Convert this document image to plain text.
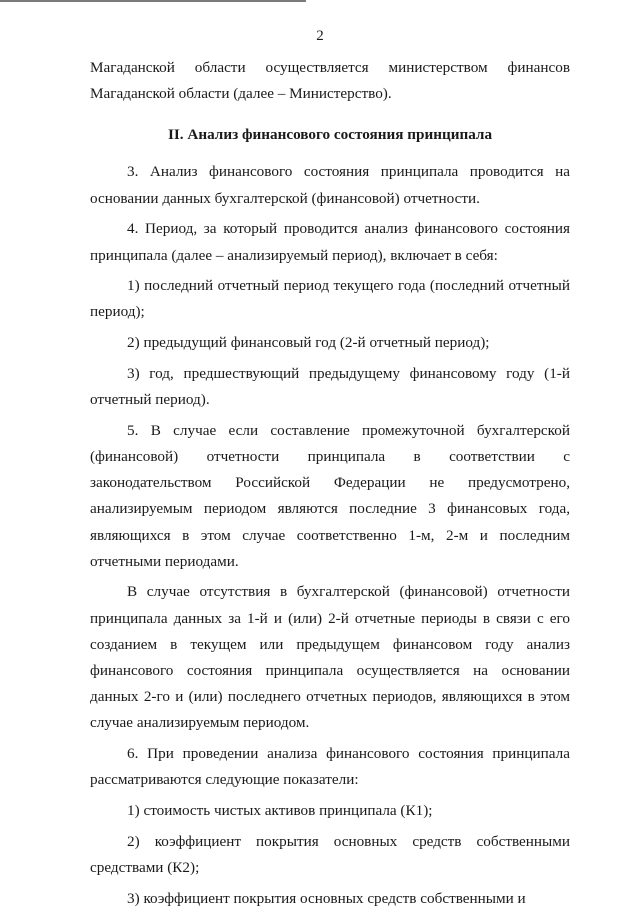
2

Магаданской области осуществляется министерством финансов Магаданской области (далее – Министерство).

II. Анализ финансового состояния принципала

3. Анализ финансового состояния принципала проводится на основании данных бухгалтерской (финансовой) отчетности.

4. Период, за который проводится анализ финансового состояния принципала (далее – анализируемый период), включает в себя:

1) последний отчетный период текущего года (последний отчетный период);

2) предыдущий финансовый год (2-й отчетный период);

3) год, предшествующий предыдущему финансовому году (1-й отчетный период).

5. В случае если составление промежуточной бухгалтерской (финансовой) отчетности принципала в соответствии с законодательством Российской Федерации не предусмотрено, анализируемым периодом являются последние 3 финансовых года, являющихся в этом случае соответственно 1-м, 2-м и последним отчетными периодами.

В случае отсутствия в бухгалтерской (финансовой) отчетности принципала данных за 1-й и (или) 2-й отчетные периоды в связи с его созданием в текущем или предыдущем финансовом году анализ финансового состояния принципала осуществляется на основании данных 2-го и (или) последнего отчетных периодов, являющихся в этом случае анализируемым периодом.

6. При проведении анализа финансового состояния принципала рассматриваются следующие показатели:

1) стоимость чистых активов принципала (К1);

2) коэффициент покрытия основных средств собственными средствами (К2);

3) коэффициент покрытия основных средств собственными и
